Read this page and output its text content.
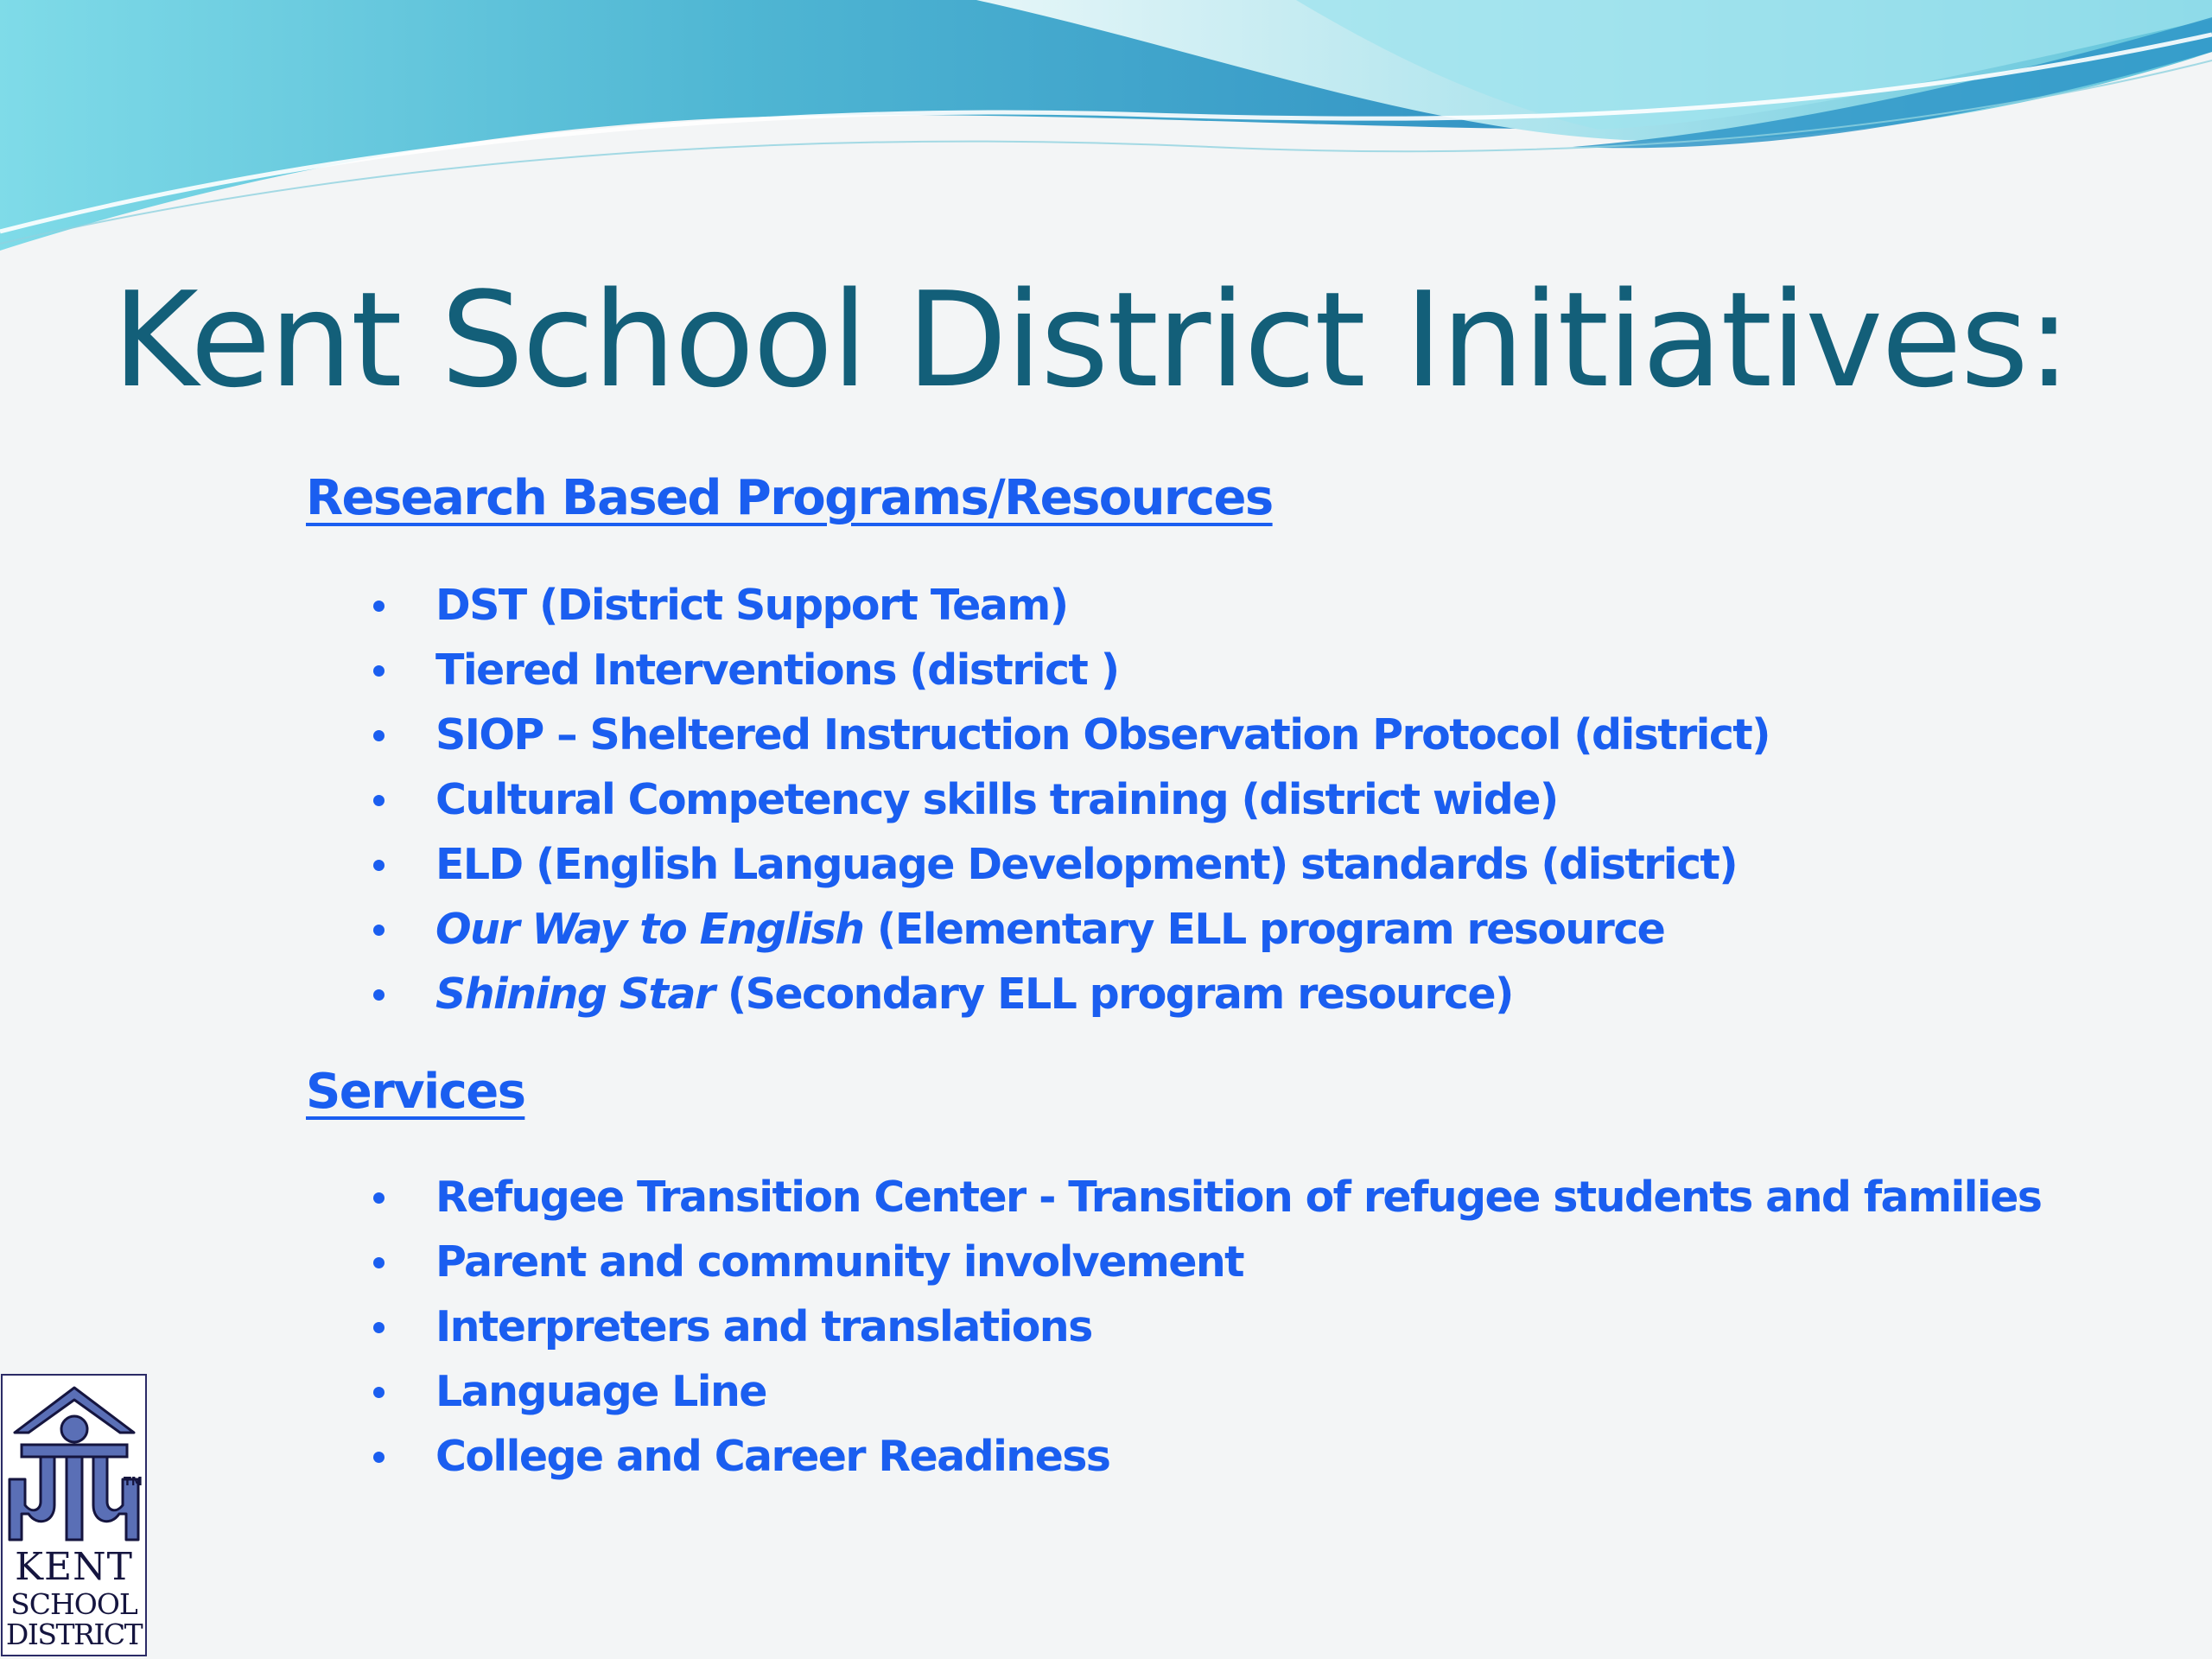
Kent School District Initiatives:
Research Based Programs/Resources
DST (District Support Team)
Tiered Interventions (district )
SIOP – Sheltered Instruction Observation Protocol (district)
Cultural Competency skills training (district wide)
ELD (English Language Development) standards (district)
Our Way to English (Elementary ELL program resource
Shining Star (Secondary ELL program resource)
Services
Refugee Transition Center - Transition of refugee students and families
Parent and community involvement
Interpreters and translations
Language Line
College and Career Readiness
TM

KENT

SCHOOL

DISTRICT
